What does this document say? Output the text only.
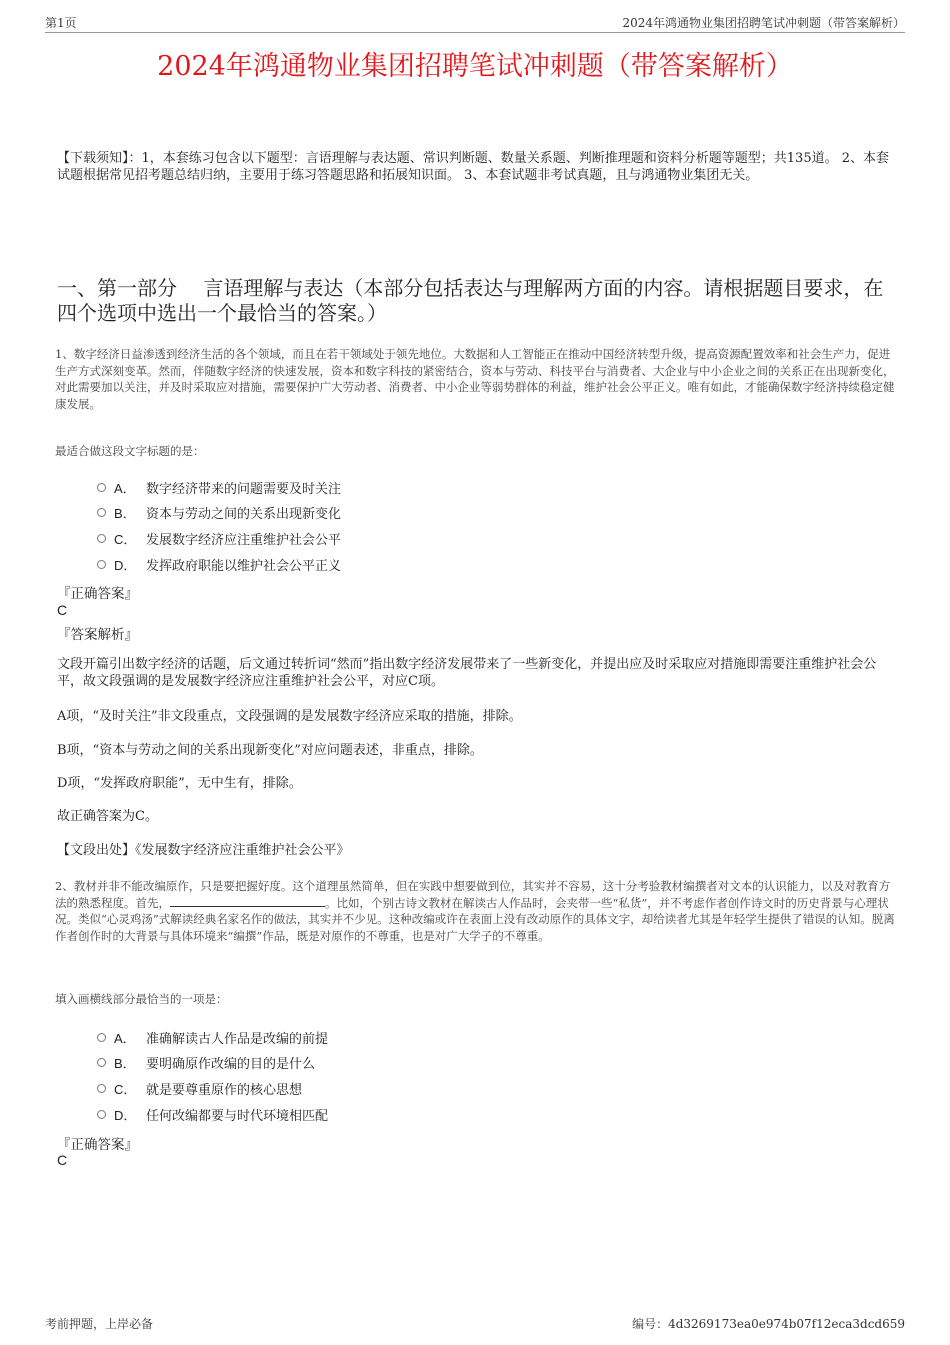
第1页	2024年鸿通物业集团招聘笔试冲刺题（带答案解析）
2024年鸿通物业集团招聘笔试冲刺题（带答案解析）
【下载须知】：1，本套练习包含以下题型：言语理解与表达题、常识判断题、数量关系题、判断推理题和资料分析题等题型；共135道。 2、本套试题根据常见招考题总结归纳，主要用于练习答题思路和拓展知识面。 3、本套试题非考试真题，且与鸿通物业集团无关。
一、第一部分　 言语理解与表达（本部分包括表达与理解两方面的内容。请根据题目要求，在四个选项中选出一个最恰当的答案。）
1、数字经济日益渗透到经济生活的各个领域，而且在若干领域处于领先地位。大数据和人工智能正在推动中国经济转型升级，提高资源配置效率和社会生产力，促进生产方式深刻变革。然而，伴随数字经济的快速发展，资本和数字科技的紧密结合，资本与劳动、科技平台与消费者、大企业与中小企业之间的关系正在出现新变化，对此需要加以关注，并及时采取应对措施，需要保护广大劳动者、消费者、中小企业等弱势群体的利益，维护社会公平正义。唯有如此，才能确保数字经济持续稳定健康发展。
最适合做这段文字标题的是：
A． 数字经济带来的问题需要及时关注
B． 资本与劳动之间的关系出现新变化
C． 发展数字经济应注重维护社会公平
D． 发挥政府职能以维护社会公平正义
『正确答案』
C
『答案解析』
文段开篇引出数字经济的话题，后文通过转折词“然而”指出数字经济发展带来了一些新变化，并提出应及时采取应对措施即需要注重维护社会公平，故文段强调的是发展数字经济应注重维护社会公平，对应C项。
A项，“及时关注”非文段重点，文段强调的是发展数字经济应采取的措施，排除。
B项，“资本与劳动之间的关系出现新变化”对应问题表述，非重点，排除。
D项，“发挥政府职能”，无中生有，排除。
故正确答案为C。
【文段出处】《发展数字经济应注重维护社会公平》
2、教材并非不能改编原作，只是要把握好度。这个道理虽然简单，但在实践中想要做到位，其实并不容易，这十分考验教材编撰者对文本的认识能力，以及对教育方法的熟悉程度。首先，	。比如，个别古诗文教材在解读古人作品时，会夹带一些“私货”，并不考虑作者创作诗文时的历史背景与心理状况。类似“心灵鸡汤”式解读经典名家名作的做法，其实并不少见。这种改编或许在表面上没有改动原作的具体文字，却给读者尤其是年轻学生提供了错误的认知。脱离作者创作时的大背景与具体环境来“编撰”作品，既是对原作的不尊重，也是对广大学子的不尊重。
填入画横线部分最恰当的一项是：
A． 准确解读古人作品是改编的前提
B． 要明确原作改编的目的是什么
C． 就是要尊重原作的核心思想
D． 任何改编都要与时代环境相匹配
『正确答案』
C
考前押题，上岸必备	编号：4d3269173ea0e974b07f12eca3dcd659
